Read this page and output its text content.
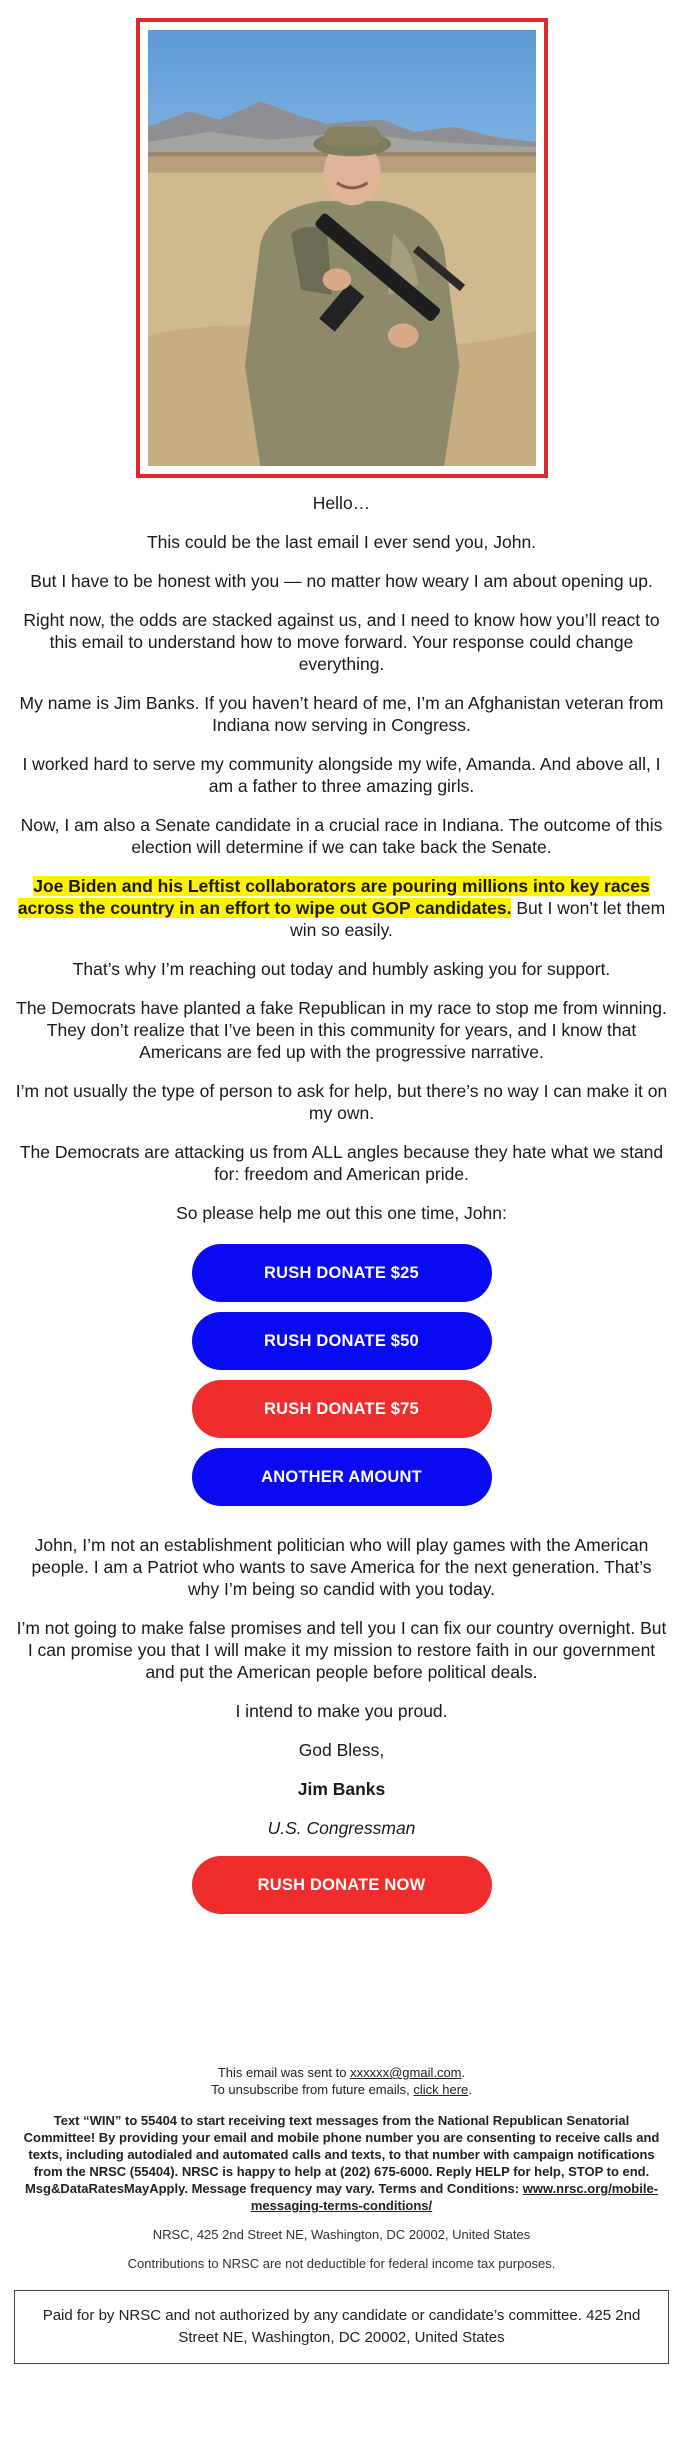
Hello…

This could be the last email I ever send you, John.

But I have to be honest with you — no matter how weary I am about opening up.

Right now, the odds are stacked against us, and I need to know how you’ll react to this email to understand how to move forward. Your response could change everything.

My name is Jim Banks. If you haven’t heard of me, I’m an Afghanistan veteran from Indiana now serving in Congress.

I worked hard to serve my community alongside my wife, Amanda. And above all, I am a father to three amazing girls.

Now, I am also a Senate candidate in a crucial race in Indiana. The outcome of this election will determine if we can take back the Senate.

Joe Biden and his Leftist collaborators are pouring millions into key races across the country in an effort to wipe out GOP candidates. But I won’t let them win so easily.

That’s why I’m reaching out today and humbly asking you for support.

The Democrats have planted a fake Republican in my race to stop me from winning. They don’t realize that I’ve been in this community for years, and I know that Americans are fed up with the progressive narrative.

I’m not usually the type of person to ask for help, but there’s no way I can make it on my own.

The Democrats are attacking us from ALL angles because they hate what we stand for: freedom and American pride.

So please help me out this one time, John:

RUSH DONATE $25
RUSH DONATE $50
RUSH DONATE $75
ANOTHER AMOUNT

John, I’m not an establishment politician who will play games with the American people. I am a Patriot who wants to save America for the next generation. That’s why I’m being so candid with you today.

I’m not going to make false promises and tell you I can fix our country overnight. But I can promise you that I will make it my mission to restore faith in our government and put the American people before political deals.

I intend to make you proud.

God Bless,

Jim Banks

U.S. Congressman

RUSH DONATE NOW
This email was sent to xxxxxx@gmail.com.
To unsubscribe from future emails, click here.
Text “WIN” to 55404 to start receiving text messages from the National Republican Senatorial Committee! By providing your email and mobile phone number you are consenting to receive calls and texts, including autodialed and automated calls and texts, to that number with campaign notifications from the NRSC (55404). NRSC is happy to help at (202) 675-6000. Reply HELP for help, STOP to end. Msg&DataRatesMayApply. Message frequency may vary. Terms and Conditions: www.nrsc.org/mobile-messaging-terms-conditions/
NRSC, 425 2nd Street NE, Washington, DC 20002, United States
Contributions to NRSC are not deductible for federal income tax purposes.
Paid for by NRSC and not authorized by any candidate or candidate’s committee. 425 2nd Street NE, Washington, DC 20002, United States
